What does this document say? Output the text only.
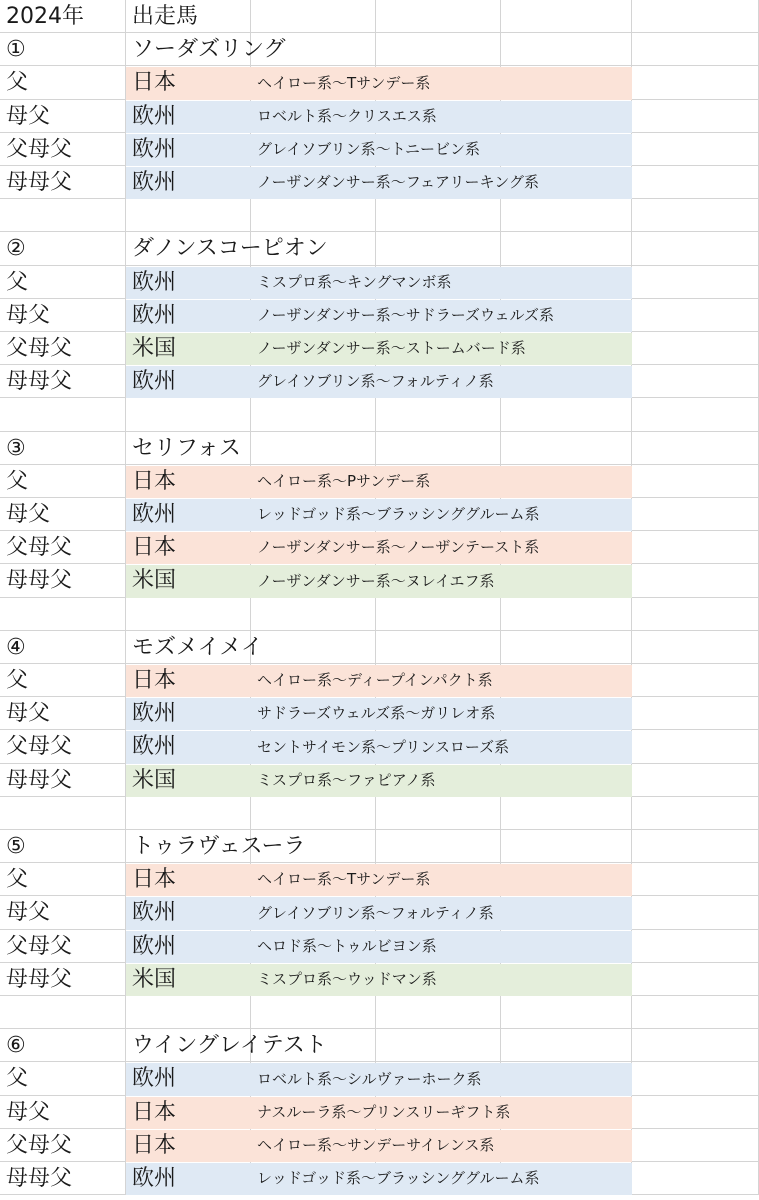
2024年 出走馬
①	ソーダズリング
父	日本	ヘイロー系〜Tサンデー系
母父	欧州	ロベルト系〜クリスエス系
父母父	欧州	グレイソブリン系〜トニービン系
母母父	欧州	ノーザンダンサー系〜フェアリーキング系
②	ダノンスコーピオン
父	欧州	ミスプロ系〜キングマンボ系
母父	欧州	ノーザンダンサー系〜サドラーズウェルズ系
父母父	米国	ノーザンダンサー系〜ストームバード系
母母父	欧州	グレイソブリン系〜フォルティノ系
③	セリフォス
父	日本	ヘイロー系〜Pサンデー系
母父	欧州	レッドゴッド系〜ブラッシンググルーム系
父母父	日本	ノーザンダンサー系〜ノーザンテースト系
母母父	米国	ノーザンダンサー系〜ヌレイエフ系
④	モズメイメイ
父	日本	ヘイロー系〜ディープインパクト系
母父	欧州	サドラーズウェルズ系〜ガリレオ系
父母父	欧州	セントサイモン系〜プリンスローズ系
母母父	米国	ミスプロ系〜ファピアノ系
⑤	トゥラヴェスーラ
父	日本	ヘイロー系〜Tサンデー系
母父	欧州	グレイソブリン系〜フォルティノ系
父母父	欧州	ヘロド系〜トゥルビヨン系
母母父	米国	ミスプロ系〜ウッドマン系
⑥	ウイングレイテスト
父	欧州	ロベルト系〜シルヴァーホーク系
母父	日本	ナスルーラ系〜プリンスリーギフト系
父母父	日本	ヘイロー系〜サンデーサイレンス系
母母父	欧州	レッドゴッド系〜ブラッシンググルーム系
